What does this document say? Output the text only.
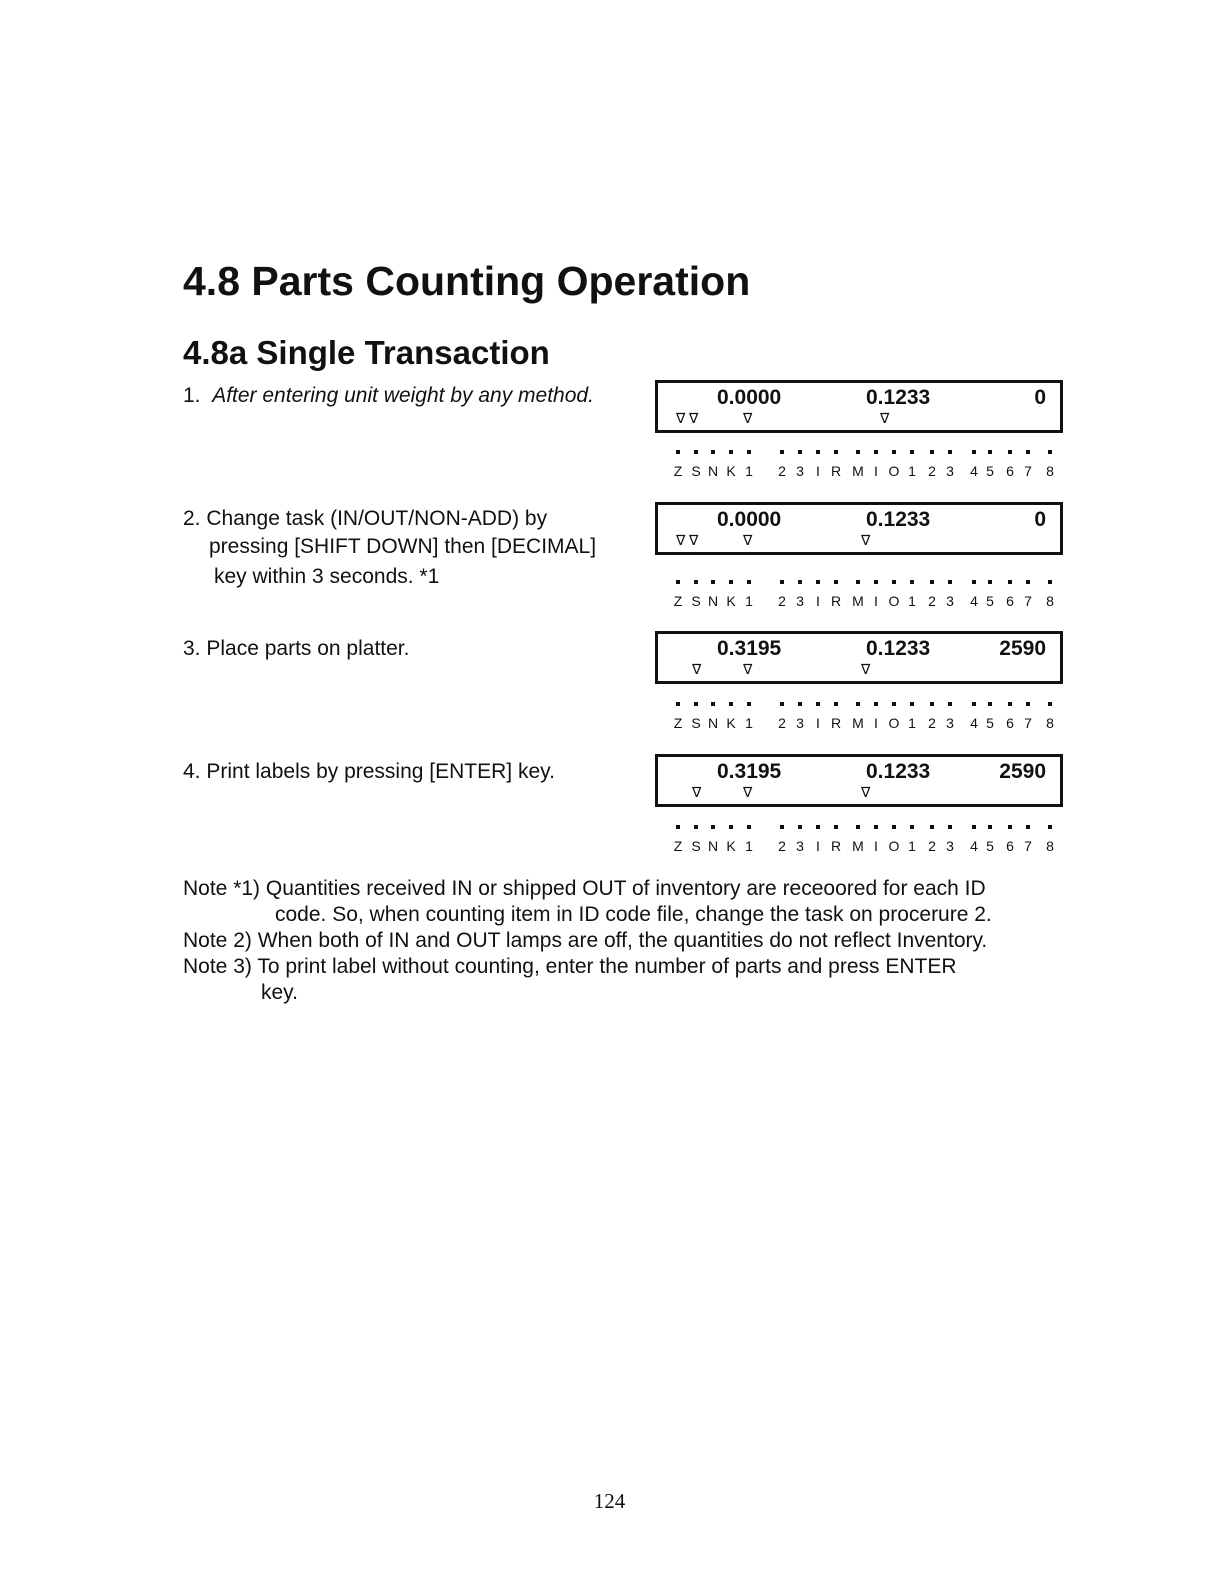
4.8 Parts Counting Operation
4.8a Single Transaction
1. After entering unit weight by any method.
2. Change task (IN/OUT/NON-ADD) by
pressing [SHIFT DOWN] then [DECIMAL]
key within 3 seconds. *1
3. Place parts on platter.
4. Print labels by pressing [ENTER] key.
0.0000	0.1233	0
∇ ∇	∇	∇
Z S N K 1 2 3 I R M I O 1 2 3 4 5 6 7 8
0.0000	0.1233	0
∇ ∇	∇	∇
Z S N K 1 2 3 I R M I O 1 2 3 4 5 6 7 8
0.3195	0.1233	2590
∇	∇	∇
Z S N K 1 2 3 I R M I O 1 2 3 4 5 6 7 8
0.3195	0.1233	2590
∇	∇	∇
Z S N K 1 2 3 I R M I O 1 2 3 4 5 6 7 8
Note *1) Quantities received IN or shipped OUT of inventory are receoored for each ID
code. So, when counting item in ID code file, change the task on procerure 2.
Note 2) When both of IN and OUT lamps are off, the quantities do not reflect Inventory.
Note 3) To print label without counting, enter the number of parts and press ENTER
key.
124
